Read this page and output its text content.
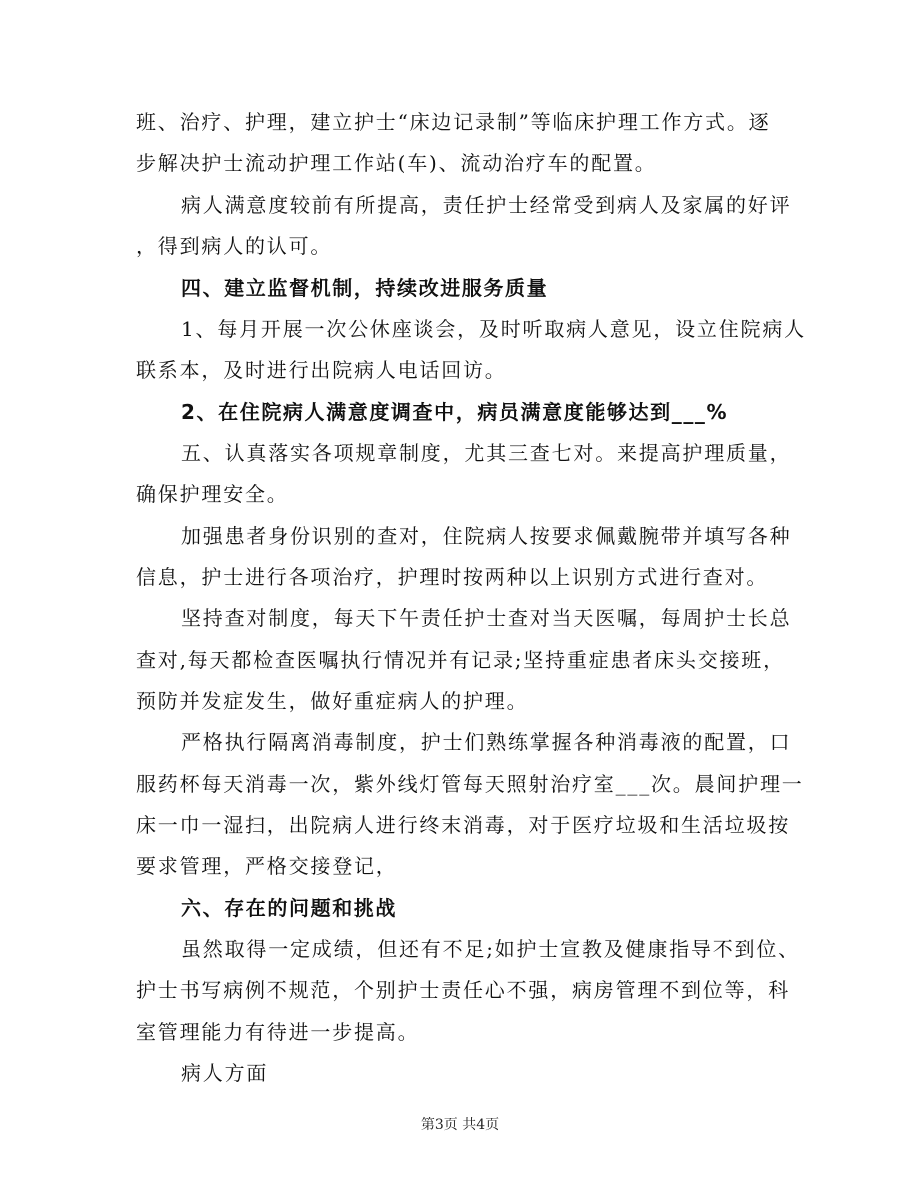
班、治疗、护理，建立护士“床边记录制”等临床护理工作方式。逐
步解决护士流动护理工作站(车)、流动治疗车的配置。
病人满意度较前有所提高，责任护士经常受到病人及家属的好评
，得到病人的认可。
四、建立监督机制，持续改进服务质量
1、每月开展一次公休座谈会，及时听取病人意见，设立住院病人
联系本，及时进行出院病人电话回访。
2、在住院病人满意度调查中，病员满意度能够达到___%
五、认真落实各项规章制度，尤其三查七对。来提高护理质量，
确保护理安全。
加强患者身份识别的查对，住院病人按要求佩戴腕带并填写各种
信息，护士进行各项治疗，护理时按两种以上识别方式进行查对。
坚持查对制度，每天下午责任护士查对当天医嘱，每周护士长总
查对,每天都检查医嘱执行情况并有记录;坚持重症患者床头交接班，
预防并发症发生，做好重症病人的护理。
严格执行隔离消毒制度，护士们熟练掌握各种消毒液的配置，口
服药杯每天消毒一次，紫外线灯管每天照射治疗室___次。晨间护理一
床一巾一湿扫，出院病人进行终末消毒，对于医疗垃圾和生活垃圾按
要求管理，严格交接登记，
六、存在的问题和挑战
虽然取得一定成绩，但还有不足;如护士宣教及健康指导不到位、
护士书写病例不规范，个别护士责任心不强，病房管理不到位等，科
室管理能力有待进一步提高。
病人方面
第3页 共4页
